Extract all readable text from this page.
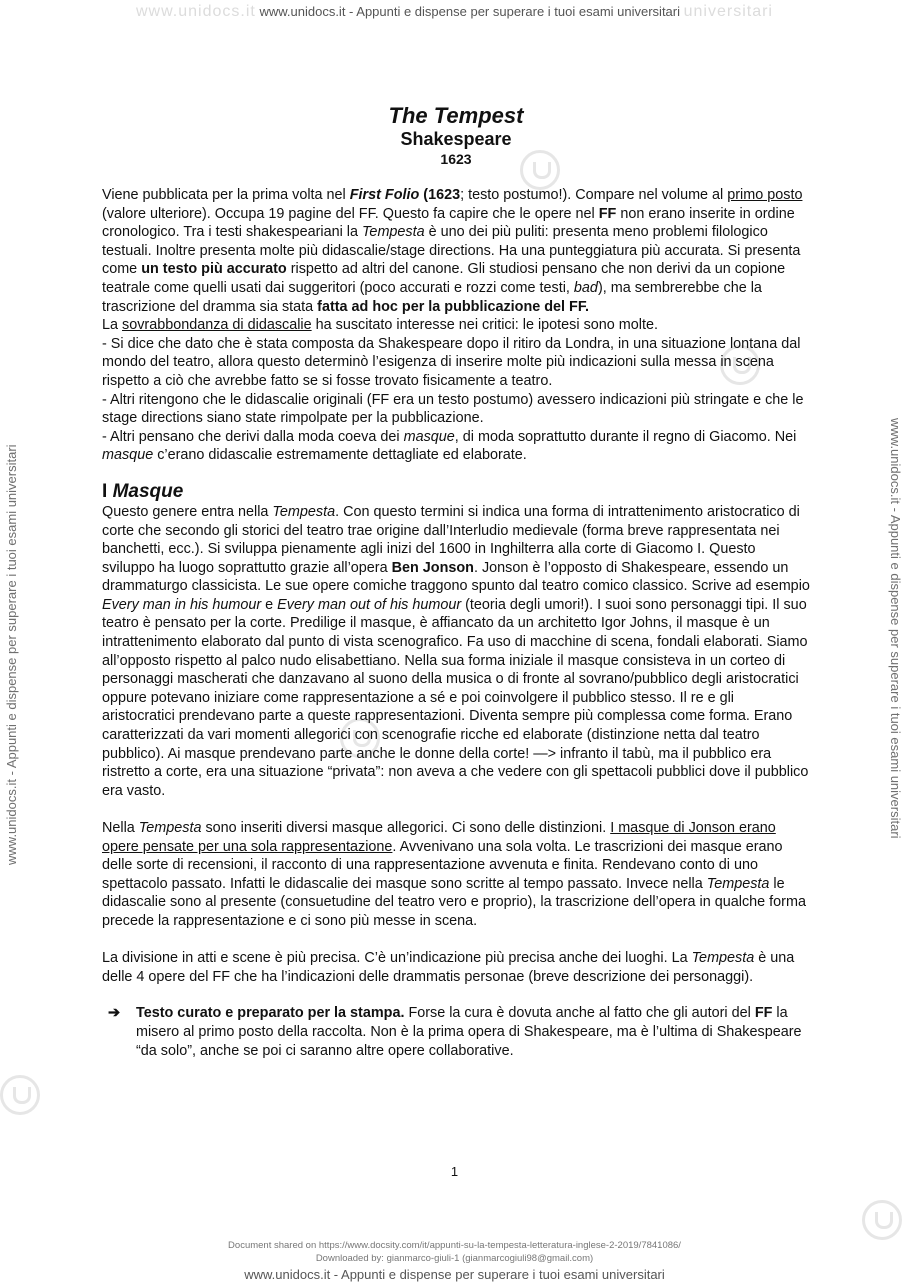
www.unidocs.it www.unidocs.it - Appunti e dispense per superare i tuoi esami universitari universitari
www.unidocs.it - Appunti e dispense per superare i tuoi esami universitari	www.unidocs.it - Appunti e dispense per superare i tuoi esami universitari
The Tempest
Shakespeare
1623

Viene pubblicata per la prima volta nel First Folio (1623; testo postumo!). Compare nel volume al primo posto (valore ulteriore). Occupa 19 pagine del FF. Questo fa capire che le opere nel FF non erano inserite in ordine cronologico. Tra i testi shakespeariani la Tempesta è uno dei più puliti: presenta meno problemi filologico testuali. Inoltre presenta molte più didascalie/stage directions. Ha una punteggiatura più accurata. Si presenta come un testo più accurato rispetto ad altri del canone. Gli studiosi pensano che non derivi da un copione teatrale come quelli usati dai suggeritori (poco accurati e rozzi come testi, bad), ma sembrerebbe che la trascrizione del dramma sia stata fatta ad hoc per la pubblicazione del FF.

La sovrabbondanza di didascalie ha suscitato interesse nei critici: le ipotesi sono molte.

- Si dice che dato che è stata composta da Shakespeare dopo il ritiro da Londra, in una situazione lontana dal mondo del teatro, allora questo determinò l’esigenza di inserire molte più indicazioni sulla messa in scena rispetto a ciò che avrebbe fatto se si fosse trovato fisicamente a teatro.

- Altri ritengono che le didascalie originali (FF era un testo postumo) avessero indicazioni più stringate e che le stage directions siano state rimpolpate per la pubblicazione.

- Altri pensano che derivi dalla moda coeva dei masque, di moda soprattutto durante il regno di Giacomo. Nei masque c’erano didascalie estremamente dettagliate ed elaborate.

I Masque

Questo genere entra nella Tempesta. Con questo termini si indica una forma di intrattenimento aristocratico di corte che secondo gli storici del teatro trae origine dall’Interludio medievale (forma breve rappresentata nei banchetti, ecc.). Si sviluppa pienamente agli inizi del 1600 in Inghilterra alla corte di Giacomo I. Questo sviluppo ha luogo soprattutto grazie all’opera Ben Jonson. Jonson è l’opposto di Shakespeare, essendo un drammaturgo classicista. Le sue opere comiche traggono spunto dal teatro comico classico. Scrive ad esempio Every man in his humour e Every man out of his humour (teoria degli umori!). I suoi sono personaggi tipi. Il suo teatro è pensato per la corte. Predilige il masque, è affiancato da un architetto Igor Johns, il masque è un intrattenimento elaborato dal punto di vista scenografico. Fa uso di macchine di scena, fondali elaborati. Siamo all’opposto rispetto al palco nudo elisabettiano. Nella sua forma iniziale il masque consisteva in un corteo di personaggi mascherati che danzavano al suono della musica o di fronte al sovrano/pubblico degli aristocratici oppure potevano iniziare come rappresentazione a sé e poi coinvolgere il pubblico stesso. Il re e gli aristocratici prendevano parte a queste rappresentazioni. Diventa sempre più complessa come forma. Erano caratterizzati da vari momenti allegorici con scenografie ricche ed elaborate (distinzione netta dal teatro pubblico). Ai masque prendevano parte anche le donne della corte! —> infranto il tabù, ma il pubblico era ristretto a corte, era una situazione “privata”: non aveva a che vedere con gli spettacoli pubblici dove il pubblico era vasto.

Nella Tempesta sono inseriti diversi masque allegorici. Ci sono delle distinzioni. I masque di Jonson erano opere pensate per una sola rappresentazione. Avvenivano una sola volta. Le trascrizioni dei masque erano delle sorte di recensioni, il racconto di una rappresentazione avvenuta e finita. Rendevano conto di uno spettacolo passato. Infatti le didascalie dei masque sono scritte al tempo passato. Invece nella Tempesta le didascalie sono al presente (consuetudine del teatro vero e proprio), la trascrizione dell’opera in qualche forma precede la rappresentazione e ci sono più messe in scena.

La divisione in atti e scene è più precisa. C’è un’indicazione più precisa anche dei luoghi. La Tempesta è una delle 4 opere del FF che ha l’indicazioni delle drammatis personae (breve descrizione dei personaggi).

➔ Testo curato e preparato per la stampa. Forse la cura è dovuta anche al fatto che gli autori del FF la misero al primo posto della raccolta. Non è la prima opera di Shakespeare, ma è l’ultima di Shakespeare “da solo”, anche se poi ci saranno altre opere collaborative.
1
Document shared on https://www.docsity.com/it/appunti-su-la-tempesta-letteratura-inglese-2-2019/7841086/
Downloaded by: gianmarco-giuli-1 (gianmarcogiuli98@gmail.com)
www.unidocs.it - Appunti e dispense per superare i tuoi esami universitari
